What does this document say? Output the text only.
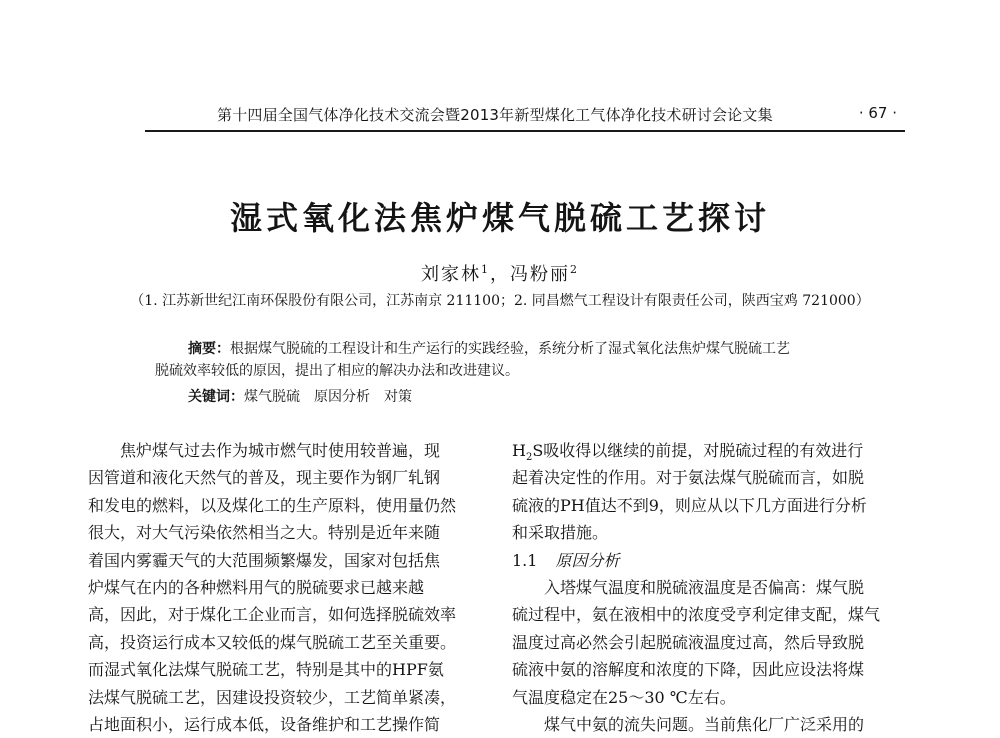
第十四届全国气体净化技术交流会暨2013年新型煤化工气体净化技术研讨会论文集	· 67 ·
湿式氧化法焦炉煤气脱硫工艺探讨
刘家林$^1$，冯粉丽$^2$
（1. 江苏新世纪江南环保股份有限公司，江苏南京 211100；2. 同昌燃气工程设计有限责任公司，陕西宝鸡 721000）
摘要：根据煤气脱硫的工程设计和生产运行的实践经验，系统分析了湿式氧化法焦炉煤气脱硫工艺
脱硫效率较低的原因，提出了相应的解决办法和改进建议。
关键词：煤气脱硫 原因分析 对策
焦炉煤气过去作为城市燃气时使用较普遍，现
因管道和液化天然气的普及，现主要作为钢厂轧钢
和发电的燃料，以及煤化工的生产原料，使用量仍然
很大，对大气污染依然相当之大。特别是近年来随
着国内雾霾天气的大范围频繁爆发，国家对包括焦
炉煤气在内的各种燃料用气的脱硫要求已越来越
高，因此，对于煤化工企业而言，如何选择脱硫效率
高，投资运行成本又较低的煤气脱硫工艺至关重要。
而湿式氧化法煤气脱硫工艺，特别是其中的HPF氨
法煤气脱硫工艺，因建设投资较少，工艺简单紧凑，
占地面积小，运行成本低，设备维护和工艺操作简
$H_2S$吸收得以继续的前提，对脱硫过程的有效进行
起着决定性的作用。对于氨法煤气脱硫而言，如脱
硫液的PH值达不到9，则应从以下几方面进行分析
和采取措施。
1.1 原因分析
入塔煤气温度和脱硫液温度是否偏高：煤气脱
硫过程中，氨在液相中的浓度受亨利定律支配，煤气
温度过高必然会引起脱硫液温度过高，然后导致脱
硫液中氨的溶解度和浓度的下降，因此应设法将煤
气温度稳定在25～30 ℃左右。
煤气中氨的流失问题。当前焦化厂广泛采用的
